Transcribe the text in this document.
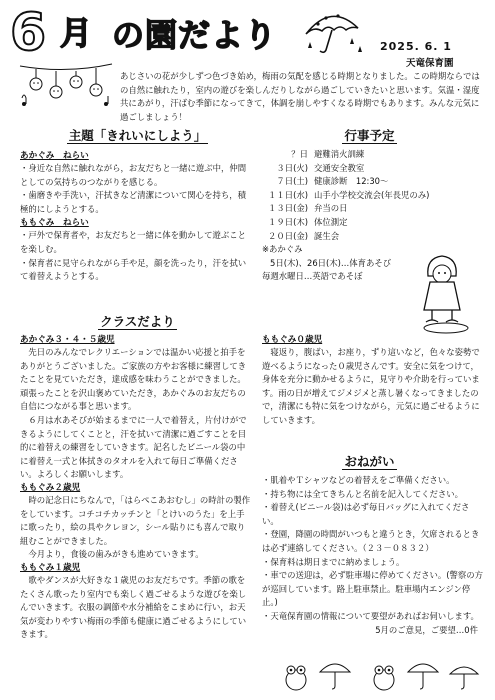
6 月 の園だより	2025. 6. 1
天竜保育園
あじさいの花が少しずつ色づき始め，梅雨の気配を感じる時期となりました。この時期ならではの自然に触れたり，室内の遊びを楽しんだりしながら過ごしていきたいと思います。気温・湿度共にあがり，汗ばむ季節になってきて，体調を崩しやすくなる時期でもあります。みんな元気に過ごしましょう！
主題「きれいにしよう」
あかぐみ　ねらい
・身近な自然に触れながら，お友だちと一緒に遊ぶ中，仲間としての気持ちのつながりを感じる。
・歯磨きや手洗い，汗拭きなど清潔について関心を持ち，積極的にしようとする。
ももぐみ　ねらい
・戸外で保育者や，お友だちと一緒に体を動かして遊ぶことを楽しむ。
・保育者に見守られながら手や足，顔を洗ったり，汗を拭いて着替えようとする。
クラスだより
あかぐみ３・４・５歳児
先日のみんなでレクリエーションでは温かい応援と拍手をありがとうございました。ご家族の方やお客様に練習してきたことを見ていただき，達成感を味わうことができました。頑張ったことを沢山褒めていただき，あかぐみのお友だちの自信につながる事と思います。
６月は水あそびが始まるまでに一人で着替え，片付けができるようにしてくことと，汗を拭いて清潔に過ごすことを目的に着替えの練習をしていきます。記名したビニール袋の中に着替え一式と体拭きのタオルを入れて毎日ご準備ください。よろしくお願いします。
ももぐみ２歳児
時の記念日にちなんで，「はらぺこあおむし」の時計の製作をしています。コチコチカッチンと「とけいのうた」を上手に歌ったり，絵の具やクレヨン，シール貼りにも喜んで取り組むことができました。
今月より，食後の歯みがきも進めていきます。
ももぐみ１歳児
歌やダンスが大好きな１歳児のお友だちです。季節の歌をたくさん歌ったり室内でも楽しく過ごせるような遊びを楽しんでいきます。衣服の調節や水分補給をこまめに行い，お天気が変わりやすい梅雨の季節も健康に過ごせるようにしていきます。
行事予定
？日 避難消火訓練
３日(火) 交通安全教室
７日(土) 健康診断　12:30～
１１日(水) 山手小学校交流会(年長児のみ)
１３日(金) 弁当の日
１９日(木) 体位測定
２０日(金) 誕生会
※あかぐみ
5日(木)、26日(木)…体育あそび
毎週水曜日…英語であそぼ
ももぐみ０歳児
寝返り，腹ばい，お座り，ずり這いなど，色々な姿勢で遊べるようになった０歳児さんです。安全に気をつけて，身体を充分に動かせるように，見守りや介助を行っています。雨の日が増えてジメジメと蒸し暑くなってきましたので，清潔にも特に気をつけながら，元気に過ごせるようにしていきます。
おねがい
・肌着やＴシャツなどの着替えをご準備ください。
・持ち物には全てきちんと名前を記入してください。
・着替え(ビニール袋)は必ず毎日バッグに入れてください。
・登園，降園の時間がいつもと違うとき，欠席されるときは必ず連絡してください。（２３－０８３２）
・保育料は期日までに納めましょう。
・車での送迎は，必ず駐車場に停めてください。(警察の方が巡回しています。路上駐車禁止。駐車場内エンジン停止。)
・天竜保育園の情報について要望があればお伺いします。
5月のご意見，ご要望…0件
